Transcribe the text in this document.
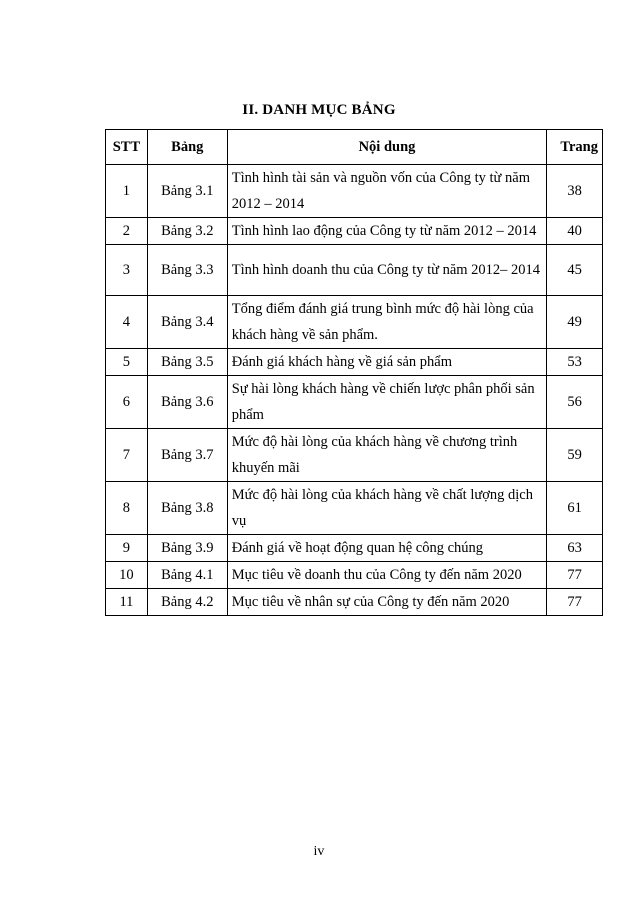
II. DANH MỤC BẢNG
STT	Bảng	Nội dung	Trang
1	Bảng 3.1	Tình hình tài sản và nguồn vốn của Công ty từ năm 2012 – 2014	38
2	Bảng 3.2	Tình hình lao động của Công ty từ năm 2012 – 2014	40
3	Bảng 3.3	Tình hình doanh thu của Công ty từ năm 2012– 2014	45
4	Bảng 3.4	Tổng điểm đánh giá trung bình mức độ hài lòng của khách hàng về sản phẩm.	49
5	Bảng 3.5	Đánh giá khách hàng về giá sản phẩm	53
6	Bảng 3.6	Sự hài lòng khách hàng về chiến lược phân phối sản phẩm	56
7	Bảng 3.7	Mức độ hài lòng của khách hàng về chương trình khuyến mãi	59
8	Bảng 3.8	Mức độ hài lòng của khách hàng về chất lượng dịch vụ	61
9	Bảng 3.9	Đánh giá về hoạt động quan hệ công chúng	63
10	Bảng 4.1	Mục tiêu về doanh thu của Công ty đến năm 2020	77
11	Bảng 4.2	Mục tiêu về nhân sự của Công ty đến năm 2020	77
iv
